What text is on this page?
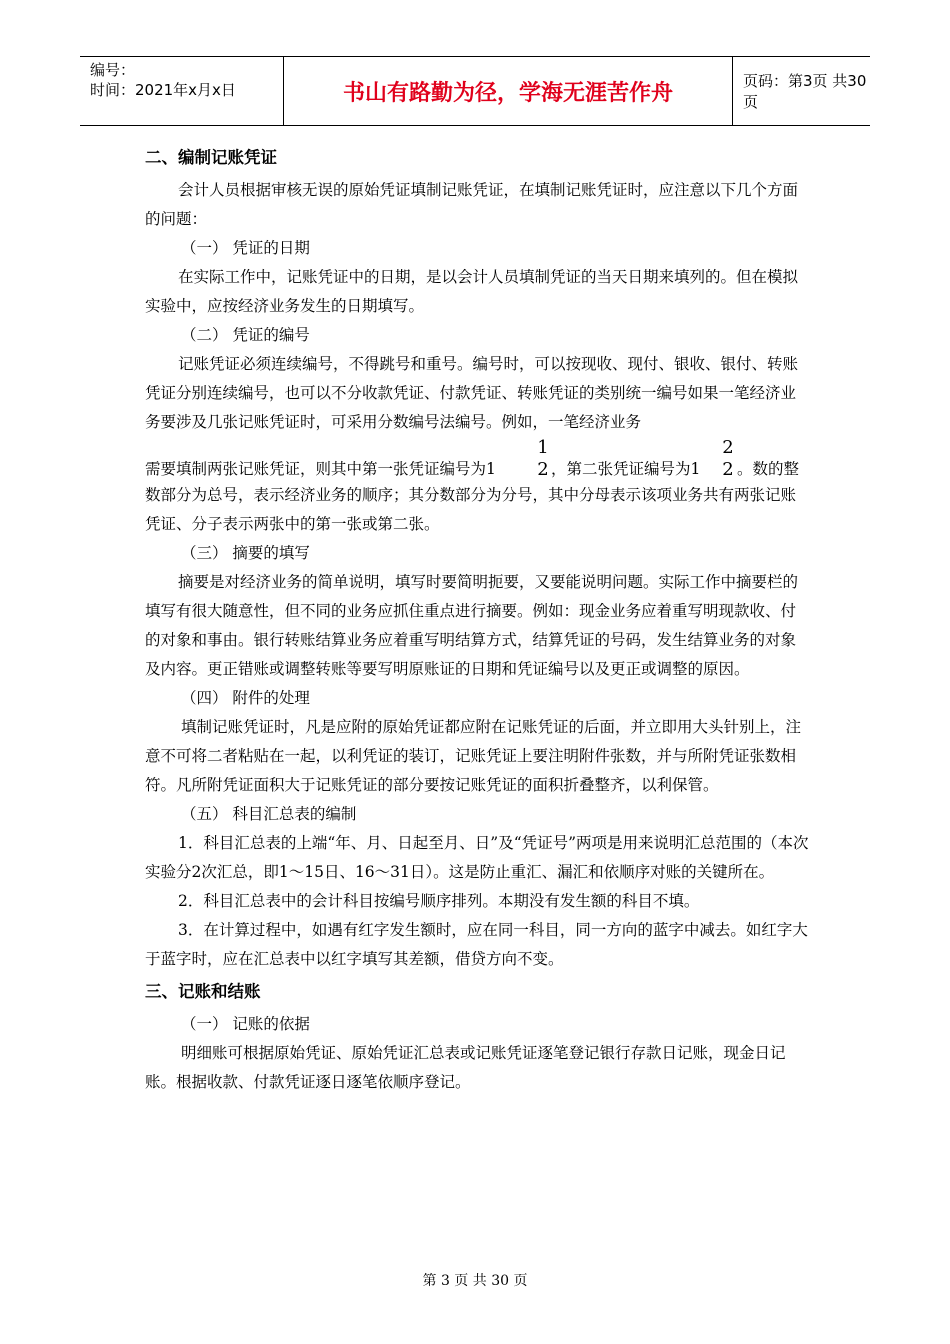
编号：
时间：2021年x月x日	书山有路勤为径，学海无涯苦作舟	页码：第3页 共30页
二、编制记账凭证
会计人员根据审核无误的原始凭证填制记账凭证，在填制记账凭证时，应注意以下几个方面的问题：
（一） 凭证的日期
在实际工作中，记账凭证中的日期，是以会计人员填制凭证的当天日期来填列的。但在模拟实验中，应按经济业务发生的日期填写。
（二） 凭证的编号
记账凭证必须连续编号，不得跳号和重号。编号时，可以按现收、现付、银收、银付、转账凭证分别连续编号，也可以不分收款凭证、付款凭证、转账凭证的类别统一编号如果一笔经济业务要涉及几张记账凭证时，可采用分数编号法编号。例如，一笔经济业务
需要填制两张记账凭证，则其中第一张凭证编号为1
1
2 ，第二张凭证编号为1
2
2 。数的整
数部分为总号，表示经济业务的顺序；其分数部分为分号，其中分母表示该项业务共有两张记账凭证、分子表示两张中的第一张或第二张。
（三） 摘要的填写
摘要是对经济业务的简单说明，填写时要简明扼要，又要能说明问题。实际工作中摘要栏的填写有很大随意性，但不同的业务应抓住重点进行摘要。例如：现金业务应着重写明现款收、付的对象和事由。银行转账结算业务应着重写明结算方式，结算凭证的号码，发生结算业务的对象及内容。更正错账或调整转账等要写明原账证的日期和凭证编号以及更正或调整的原因。
（四） 附件的处理
填制记账凭证时，凡是应附的原始凭证都应附在记账凭证的后面，并立即用大头针别上，注意不可将二者粘贴在一起，以利凭证的装订，记账凭证上要注明附件张数，并与所附凭证张数相符。凡所附凭证面积大于记账凭证的部分要按记账凭证的面积折叠整齐，以利保管。
（五） 科目汇总表的编制
1．科目汇总表的上端“年、月、日起至月、日”及“凭证号”两项是用来说明汇总范围的（本次实验分2次汇总，即1～15日、16～31日）。这是防止重汇、漏汇和依顺序对账的关键所在。
2．科目汇总表中的会计科目按编号顺序排列。本期没有发生额的科目不填。
3．在计算过程中，如遇有红字发生额时，应在同一科目，同一方向的蓝字中减去。如红字大于蓝字时，应在汇总表中以红字填写其差额，借贷方向不变。
三、记账和结账
（一） 记账的依据
明细账可根据原始凭证、原始凭证汇总表或记账凭证逐笔登记银行存款日记账，现金日记账。根据收款、付款凭证逐日逐笔依顺序登记。
第 3 页 共 30 页
